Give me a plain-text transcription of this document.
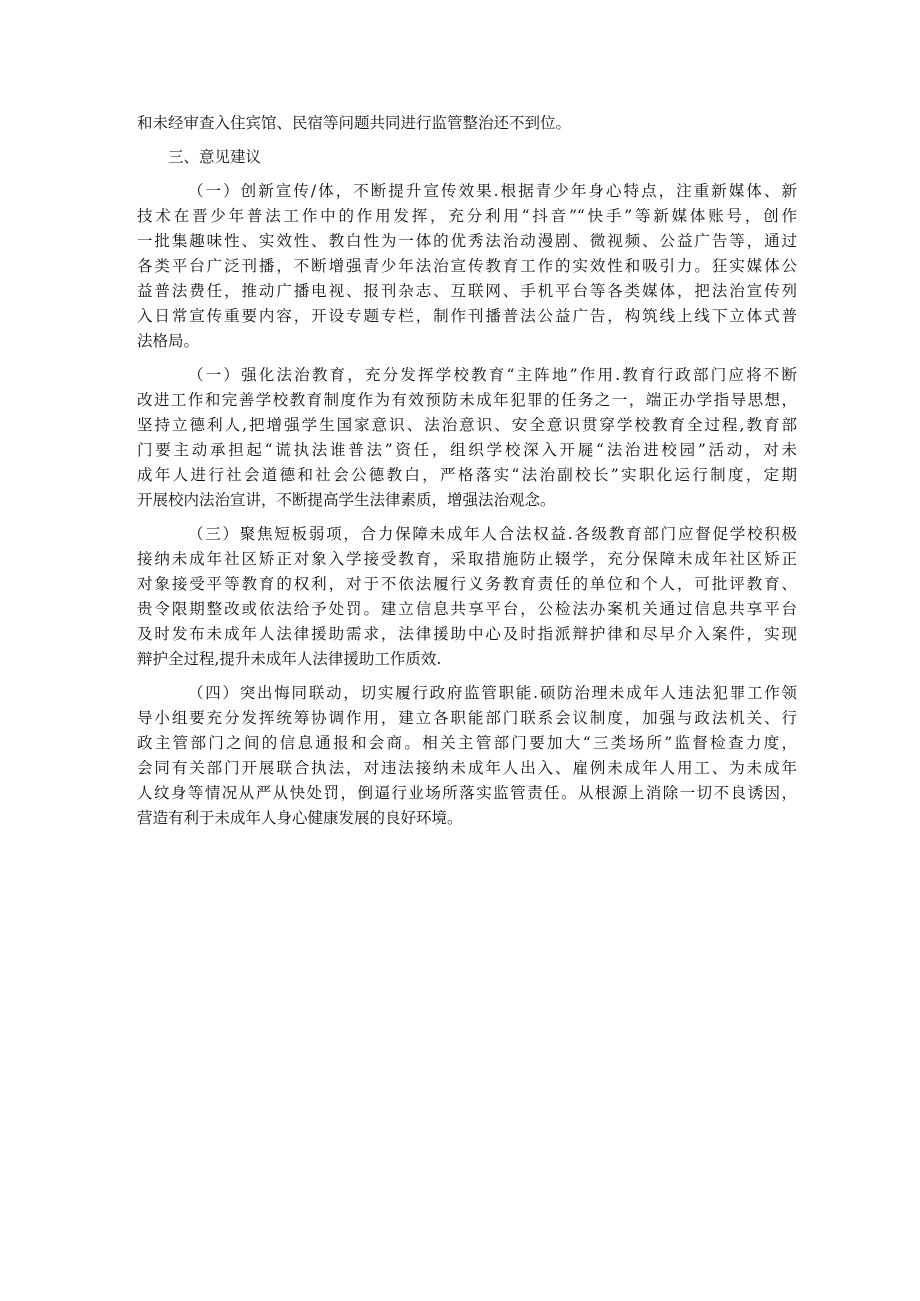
和未经审查入住宾馆、民宿等问题共同进行监管整治还不到位。
三、意见建议
（一）创新宣传/体，不断提升宣传效果.根据青少年身心特点，注重新媒体、新
技术在晋少年普法工作中的作用发挥，充分利用“抖音”“快手”等新媒体账号，创作
一批集趣味性、实效性、教白性为一体的优秀法治动漫剧、微视频、公益广告等，通过
各类平台广泛刊播，不断增强青少年法治宣传教育工作的实效性和吸引力。狂实媒体公
益普法费任，推动广播电视、报刊杂志、互联网、手机平台等各类媒体，把法治宣传列
入日常宣传重要内容，开设专题专栏，制作刊播普法公益广告，构筑线上线下立体式普
法格局。
（一）强化法治教育，充分发挥学校教育“主阵地”作用.教育行政部门应将不断
改进工作和完善学校教育制度作为有效预防未成年犯罪的任务之一，端正办学指导思想，
坚持立德利人,把增强学生国家意识、法治意识、安全意识贯穿学校教育全过程,教育部
门要主动承担起“谎执法谁普法”资任，组织学校深入开屣“法治进校园”活动，对未
成年人进行社会道德和社会公德教白，严格落实“法治副校长”实职化运行制度，定期
开展校内法治宣讲，不断提高学生法律素质，增强法治观念。
（三）聚焦短板弱项，合力保障未成年人合法权益.各级教育部门应督促学校积极
接纳未成年社区矫正对象入学接受教育，采取措施防止辍学，充分保障未成年社区矫正
对象接受平等教育的权利，对于不依法履行义务教育责任的单位和个人，可批评教育、
贵令限期整改或依法给予处罚。建立信息共享平台，公检法办案机关通过信息共享平台
及时发布未成年人法律援助需求，法律援助中心及时指派辩护律和尽早介入案件，实现
辩护全过程,提升未成年人法律援助工作质效.
（四）突出悔同联动，切实履行政府监管职能.硕防治理未成年人违法犯罪工作领
导小组要充分发挥统筹协调作用，建立各职能部门联系会议制度，加强与政法机关、行
政主管部门之间的信息通报和会商。相关主管部门要加大“三类场所”监督检查力度，
会同有关部门开展联合执法，对违法接纳未成年人出入、雇例未成年人用工、为未成年
人纹身等情况从严从快处罚，倒逼行业场所落实监管责任。从根源上消除一切不良诱因，
营造有利于未成年人身心健康发展的良好环境。
